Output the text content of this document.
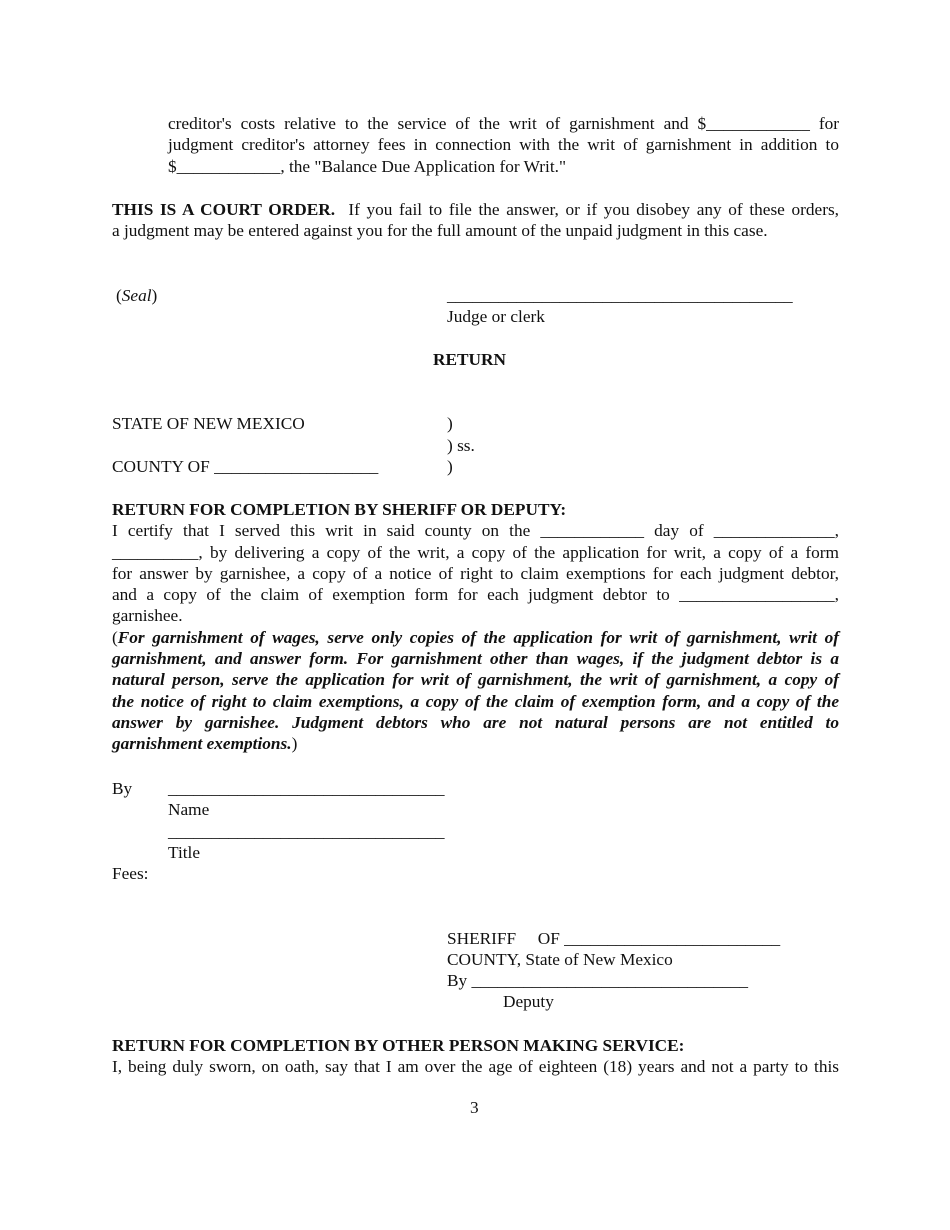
creditor's costs relative to the service of the writ of garnishment and $____________ for
judgment creditor's attorney fees in connection with the writ of garnishment in addition to
$____________, the "Balance Due Application for Writ."
THIS IS A COURT ORDER. If you fail to file the answer, or if you disobey any of these orders,
a judgment may be entered against you for the full amount of the unpaid judgment in this case.
(Seal)	________________________________________
Judge or clerk
RETURN
STATE OF NEW MEXICO
COUNTY OF ___________________
)
) ss.
)
RETURN FOR COMPLETION BY SHERIFF OR DEPUTY:
I certify that I served this writ in said county on the ____________ day of ______________,
__________, by delivering a copy of the writ, a copy of the application for writ, a copy of a form
for answer by garnishee, a copy of a notice of right to claim exemptions for each judgment debtor,
and a copy of the claim of exemption form for each judgment debtor to __________________,
garnishee.
(For garnishment of wages, serve only copies of the application for writ of garnishment, writ of
garnishment, and answer form. For garnishment other than wages, if the judgment debtor is a
natural person, serve the application for writ of garnishment, the writ of garnishment, a copy of
the notice of right to claim exemptions, a copy of the claim of exemption form, and a copy of the
answer by garnishee. Judgment debtors who are not natural persons are not entitled to
garnishment exemptions.)
By ________________________________
Name
________________________________
Title
Fees:
SHERIFF     OF _________________________
COUNTY, State of New Mexico
By ________________________________
Deputy
RETURN FOR COMPLETION BY OTHER PERSON MAKING SERVICE:
I, being duly sworn, on oath, say that I am over the age of eighteen (18) years and not a party to this
3
